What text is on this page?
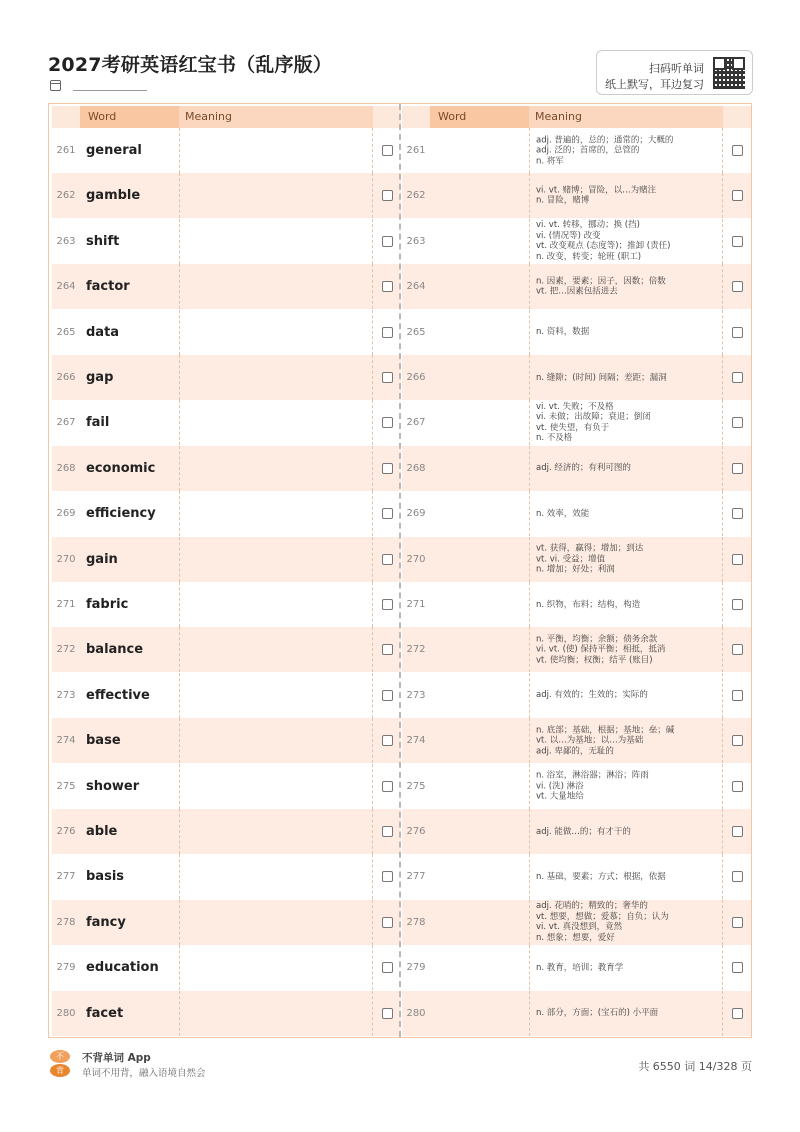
2027考研英语红宝书（乱序版）	扫码听单词
纸上默写，耳边复习
Word	Meaning
261 general
262 gamble
263 shift
264 factor
265 data
266 gap
267 fail
268 economic
269 efficiency
270 gain
271 fabric
272 balance
273 effective
274 base
275 shower
276 able
277 basis
278 fancy
279 education
280 facet
Word	Meaning
261
adj. 普遍的，总的；通常的；大概的
adj. 泛的；首席的，总管的
n. 将军
262	vi. vt. 赌博；冒险，以…为赌注
n. 冒险，赌博
263
vi. vt. 转移，挪动；换 (挡)
vi. (情况等) 改变
vt. 改变观点 (态度等)；推卸 (责任)
n. 改变，转变；轮班 (职工)
264	n. 因素，要素；因子，因数；倍数
vt. 把…因素包括进去
265	n. 资料，数据
266	n. 缝隙；(时间) 间隔；差距；漏洞
267
vi. vt. 失败；不及格
vi. 未做；出故障；衰退；倒闭
vt. 使失望，有负于
n. 不及格
268	adj. 经济的；有利可图的
269	n. 效率，效能
270
vt. 获得，赢得；增加；到达
vt. vi. 受益；增值
n. 增加；好处；利润
271	n. 织物，布料；结构，构造
272
n. 平衡，均衡；余额；债务余款
vi. vt. (使) 保持平衡；相抵，抵消
vt. 使均衡；权衡；结平 (账目)
273	adj. 有效的；生效的；实际的
274
n. 底部；基础，根据；基地；垒；碱
vt. 以…为基地；以…为基础
adj. 卑鄙的，无耻的
275
n. 浴室，淋浴器；淋浴；阵雨
vi. (洗) 淋浴
vt. 大量地给
276	adj. 能做…的；有才干的
277	n. 基础，要素；方式；根据，依据
278
adj. 花哨的；精致的；奢华的
vt. 想要，想做；爱慕；自负；认为
vi. vt. 真没想到，竟然
n. 想象；想要，爱好
279	n. 教育，培训；教育学
280	n. 部分，方面；(宝石的) 小平面
不
背
不背单词 App
单词不用背，融入语境自然会
共 6550 词 14/328 页
